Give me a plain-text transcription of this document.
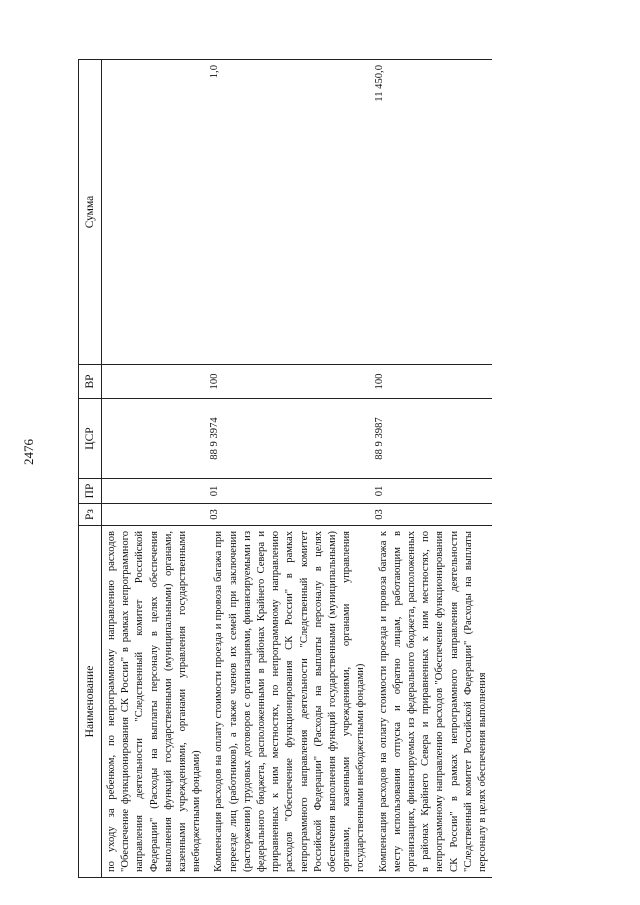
2476
Наименование	Рз	ПР	ЦСР	ВР	Сумма
по уходу за ребенком, по непрограммному направлению расходов "Обеспечение функционирования СК России" в рамках непрограммного направления деятельности "Следственный комитет Российской Федерации" (Расходы на выплаты персоналу в целях обеспечения выполнения функций государственными (муниципальными) органами, казенными учреждениями, органами управления государственными внебюджетными фондами)					
Компенсация расходов на оплату стоимости проезда и провоза багажа при переезде лиц (работников), а также членов их семей при заключении (расторжении) трудовых договоров с организациями, финансируемыми из федерального бюджета, расположенными в районах Крайнего Севера и приравненных к ним местностях, по непрограммному направлению расходов "Обеспечение функционирования СК России" в рамках непрограммного направления деятельности "Следственный комитет Российской Федерации" (Расходы на выплаты персоналу в целях обеспечения выполнения функций государственными (муниципальными) органами, казенными учреждениями, органами управления государственными внебюджетными фондами)	03	01	88 9 3974	100	1,0
Компенсация расходов на оплату стоимости проезда и провоза багажа к месту использования отпуска и обратно лицам, работающим в организациях, финансируемых из федерального бюджета, расположенных в районах Крайнего Севера и приравненных к ним местностях, по непрограммному направлению расходов "Обеспечение функционирования СК России" в рамках непрограммного направления деятельности "Следственный комитет Российской Федерации" (Расходы на выплаты персоналу в целях обеспечения выполнения	03	01	88 9 3987	100	11 450,0
